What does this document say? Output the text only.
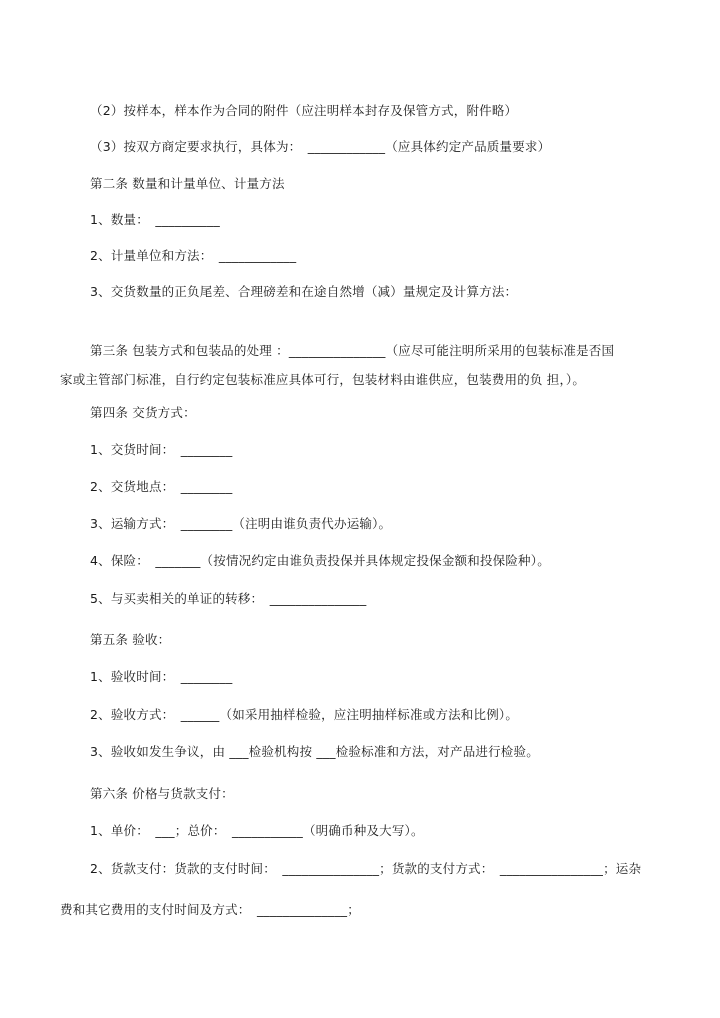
（2）按样本，样本作为合同的附件（应注明样本封存及保管方式，附件略）
（3）按双方商定要求执行，具体为：　____________（应具体约定产品质量要求）
第二条 数量和计量单位、计量方法
1、数量：　__________
2、计量单位和方法：　____________
3、交货数量的正负尾差、合理磅差和在途自然增（减）量规定及计算方法：
第三条 包装方式和包装品的处理 ：_______________（应尽可能注明所采用的包装标准是否国
家或主管部门标准，自行约定包装标准应具体可行，包装材料由谁供应，包装费用的负 担，）。
第四条 交货方式：
1、交货时间：　________
2、交货地点：　________
3、运输方式：　________（注明由谁负责代办运输）。
4、保险：　_______（按情况约定由谁负责投保并具体规定投保金额和投保险种）。
5、与买卖相关的单证的转移：　_______________
第五条 验收：
1、验收时间：　________
2、验收方式：　______（如采用抽样检验，应注明抽样标准或方法和比例）。
3、验收如发生争议，由 ___检验机构按 ___检验标准和方法，对产品进行检验。
第六条 价格与货款支付：
1、单价：　___；总价：　___________（明确币种及大写）。
2、货款支付：货款的支付时间：　_______________；货款的支付方式：　________________；运杂
费和其它费用的支付时间及方式：　______________；
